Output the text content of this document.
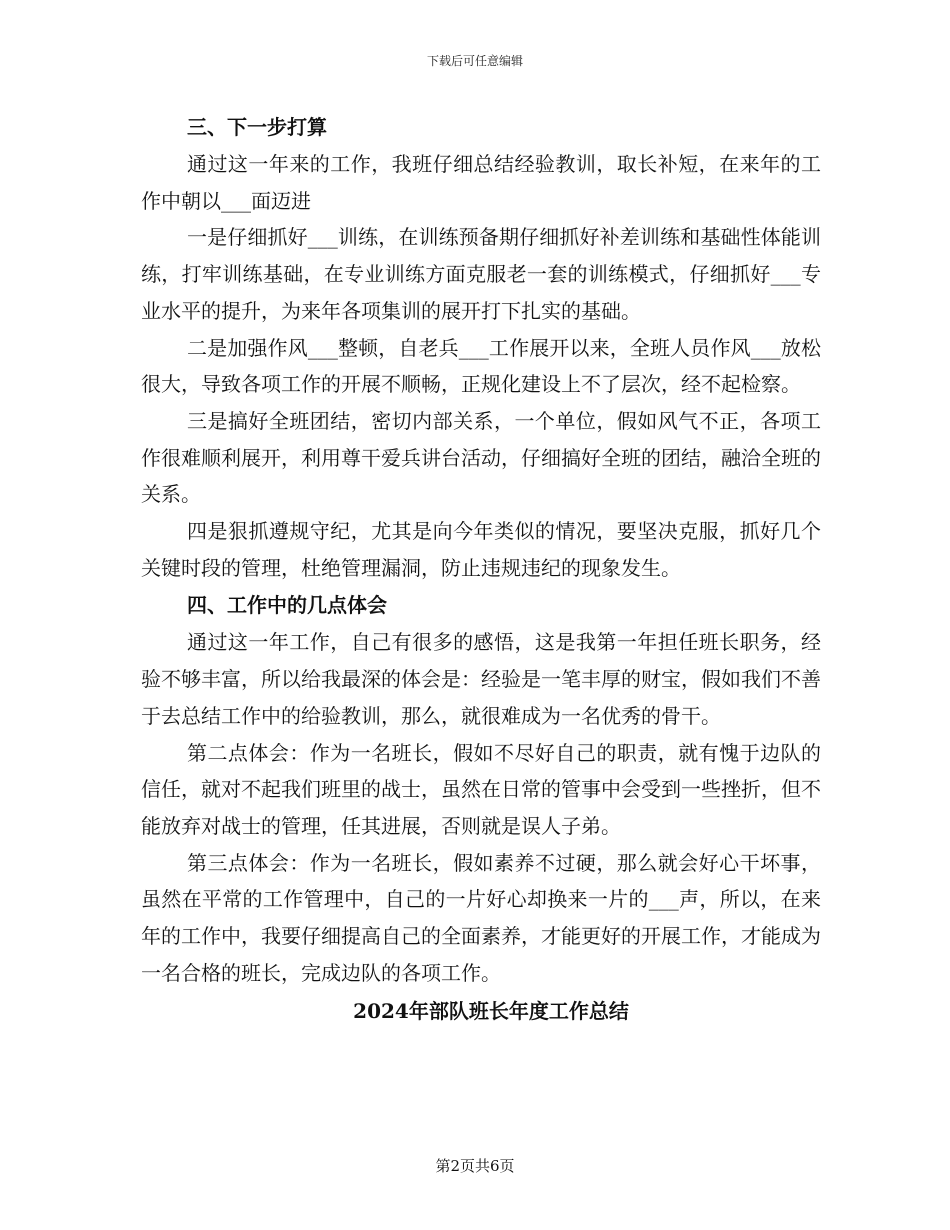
下载后可任意编辑

三、下一步打算

通过这一年来的工作，我班仔细总结经验教训，取长补短，在来年的工作中朝以___面迈进

一是仔细抓好___训练，在训练预备期仔细抓好补差训练和基础性体能训练，打牢训练基础，在专业训练方面克服老一套的训练模式，仔细抓好___专业水平的提升，为来年各项集训的展开打下扎实的基础。

二是加强作风___整顿，自老兵___工作展开以来，全班人员作风___放松很大，导致各项工作的开展不顺畅，正规化建设上不了层次，经不起检察。

三是搞好全班团结，密切内部关系，一个单位，假如风气不正，各项工作很难顺利展开，利用尊干爱兵讲台活动，仔细搞好全班的团结，融洽全班的关系。

四是狠抓遵规守纪，尤其是向今年类似的情况，要坚决克服，抓好几个关键时段的管理，杜绝管理漏洞，防止违规违纪的现象发生。

四、工作中的几点体会

通过这一年工作，自己有很多的感悟，这是我第一年担任班长职务，经验不够丰富，所以给我最深的体会是：经验是一笔丰厚的财宝，假如我们不善于去总结工作中的给验教训，那么，就很难成为一名优秀的骨干。

第二点体会：作为一名班长，假如不尽好自己的职责，就有愧于边队的信任，就对不起我们班里的战士，虽然在日常的管事中会受到一些挫折，但不能放弃对战士的管理，任其进展，否则就是误人子弟。

第三点体会：作为一名班长，假如素养不过硬，那么就会好心干坏事，虽然在平常的工作管理中，自己的一片好心却换来一片的___声，所以，在来年的工作中，我要仔细提高自己的全面素养，才能更好的开展工作，才能成为一名合格的班长，完成边队的各项工作。

2024年部队班长年度工作总结

第2页共6页
